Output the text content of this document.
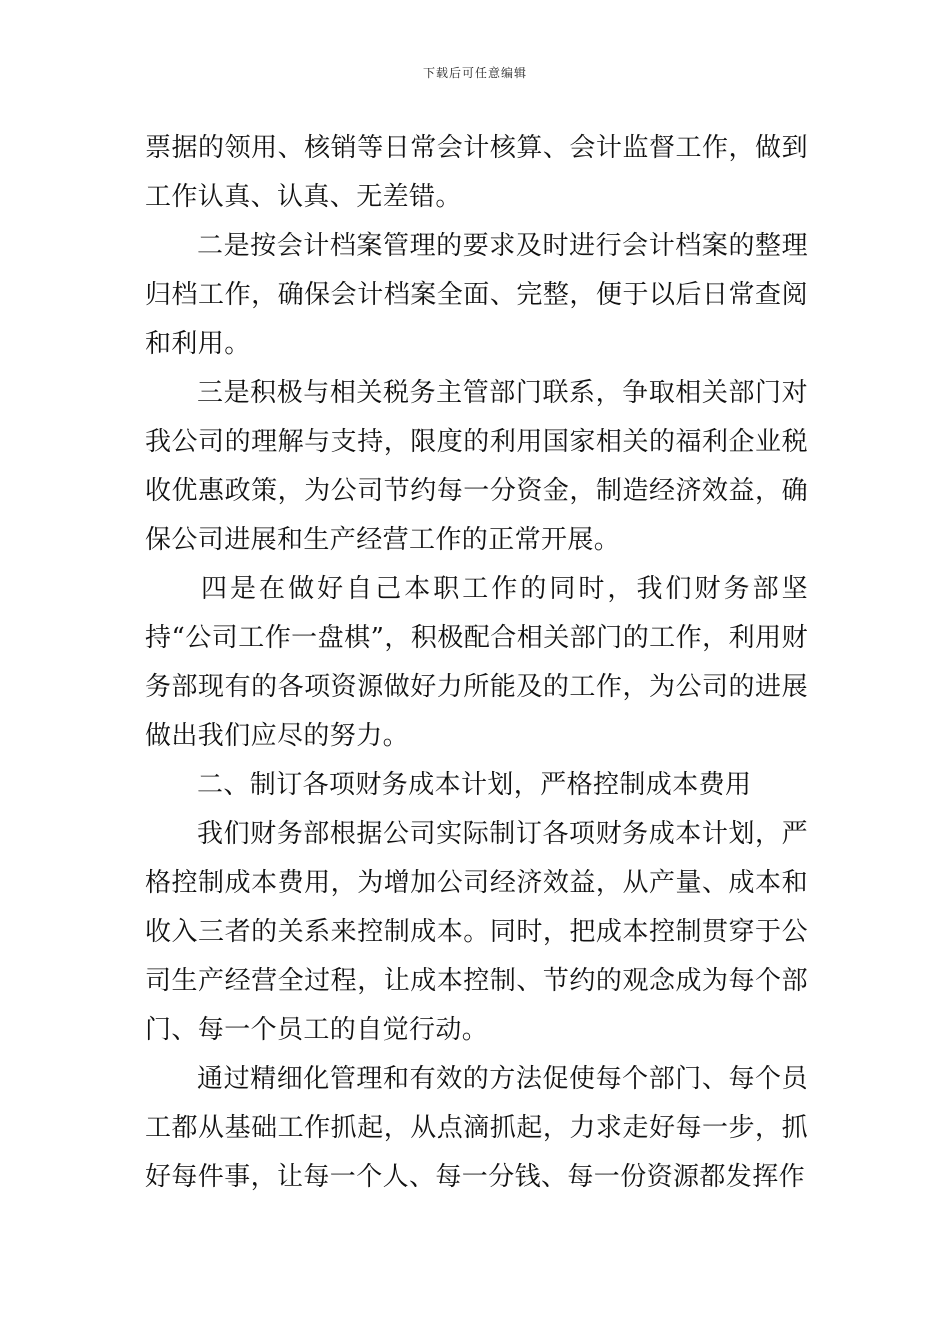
下载后可任意编辑

票据的领用、核销等日常会计核算、会计监督工作，做到工作认真、认真、无差错。

二是按会计档案管理的要求及时进行会计档案的整理归档工作，确保会计档案全面、完整，便于以后日常查阅和利用。

三是积极与相关税务主管部门联系，争取相关部门对我公司的理解与支持，限度的利用国家相关的福利企业税收优惠政策，为公司节约每一分资金，制造经济效益，确保公司进展和生产经营工作的正常开展。

四是在做好自己本职工作的同时，我们财务部坚持“公司工作一盘棋”，积极配合相关部门的工作，利用财务部现有的各项资源做好力所能及的工作，为公司的进展做出我们应尽的努力。

二、制订各项财务成本计划，严格控制成本费用

我们财务部根据公司实际制订各项财务成本计划，严格控制成本费用，为增加公司经济效益，从产量、成本和收入三者的关系来控制成本。同时，把成本控制贯穿于公司生产经营全过程，让成本控制、节约的观念成为每个部门、每一个员工的自觉行动。

通过精细化管理和有效的方法促使每个部门、每个员工都从基础工作抓起，从点滴抓起，力求走好每一步，抓好每件事，让每一个人、每一分钱、每一份资源都发挥作
